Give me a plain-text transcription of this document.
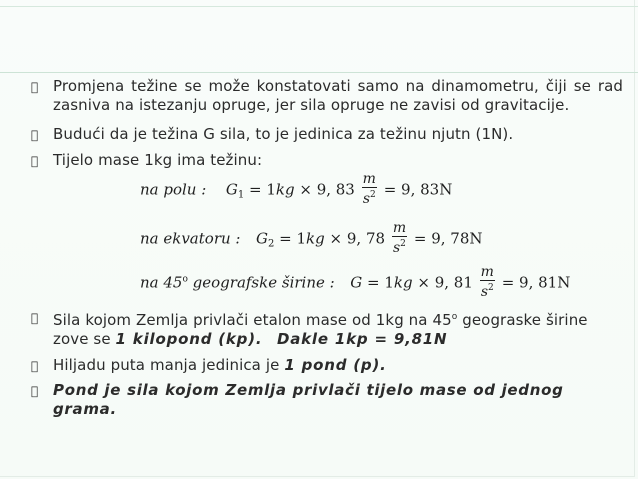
Promjena težine se može konstatovati samo na dinamometru, čiji se rad zasniva na istezanju opruge, jer sila opruge ne zavisi od gravitacije.
Budući da je težina G sila, to je jedinica za težinu njutn (1N).
Tijelo mase 1kg ima težinu:
na polu : $G_1 = 1kg \times 9$, $83 \frac{m}{s^2} = 9$, 83N
na ekvatoru : $G_2 = 1kg \times 9$, $78 \frac{m}{s^2} = 9$, 78N
na 45$^o$ geografske širine : G = 1kg × 9, $81 \frac{m}{s^2} = 9$, 81N
Sila kojom Zemlja privlači etalon mase od 1kg na 45$^o$ geograske širine zove se 1 kilopond (kp). Dakle 1kp = 9,81N
Hiljadu puta manja jedinica je 1 pond (p).
Pond je sila kojom Zemlja privlači tijelo mase od jednog grama.
